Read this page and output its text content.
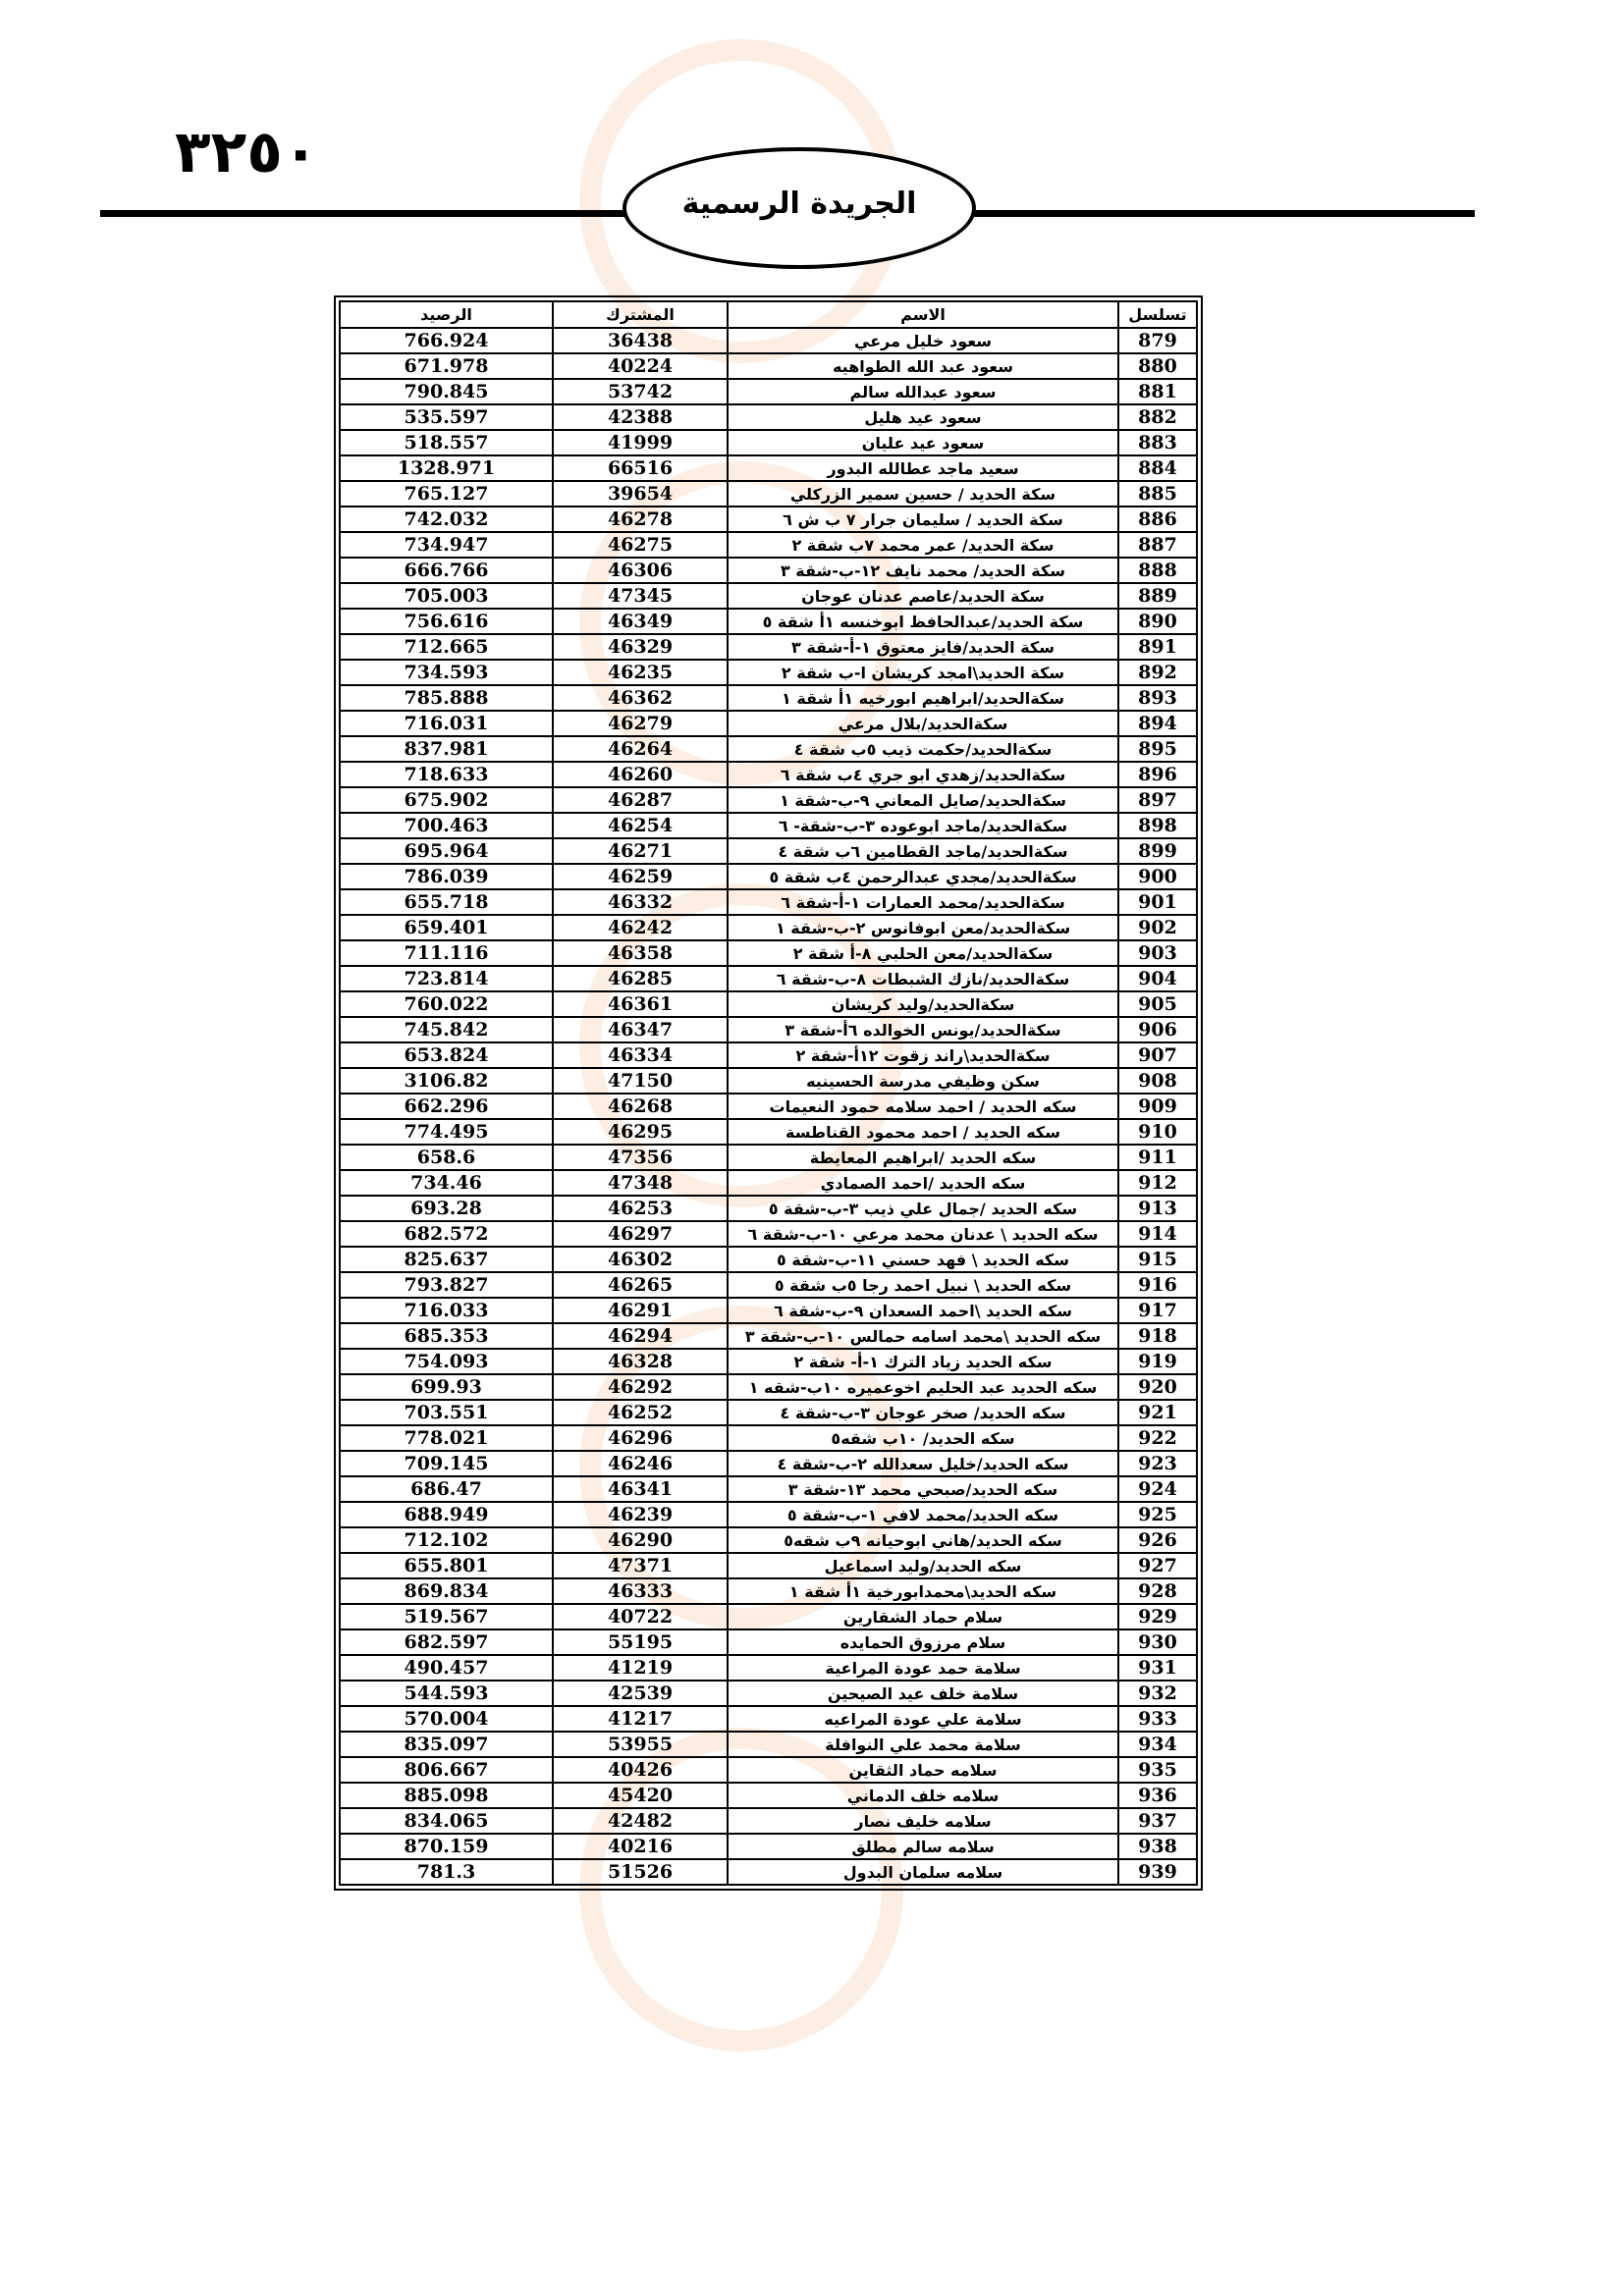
٣٢٥٠
الجريدة الرسمية
تسلسل	الاسم	المشترك	الرصيد
879	سعود خليل مرعي	36438	766.924
880	سعود عبد الله الطواهيه	40224	671.978
881	سعود عبدالله سالم	53742	790.845
882	سعود عيد هليل	42388	535.597
883	سعود عيد عليان	41999	518.557
884	سعيد ماجد عطالله البدور	66516	1328.971
885	سكة الحديد / حسين سمير الزركلي	39654	765.127
886	سكة الحديد / سليمان جرار ٧ ب ش ٦	46278	742.032
887	سكة الحديد/ عمر محمد ٧ب شقة ٢	46275	734.947
888	سكة الحديد/ محمد نايف ١٢-ب-شقة ٣	46306	666.766
889	سكة الحديد/عاصم عدنان عوجان	47345	705.003
890	سكة الحديد/عبدالحافظ ابوخنسه ١أ شقة ٥	46349	756.616
891	سكة الحديد/فايز معتوق ١-أ-شقة ٣	46329	712.665
892	سكة الحديد\امجد كريشان ا-ب شقة ٢	46235	734.593
893	سكةالحديد/ابراهيم ابورخيه ١أ شقة ١	46362	785.888
894	سكةالحديد/بلال مرعي	46279	716.031
895	سكةالحديد/حكمت ذيب ٥ب شقة ٤	46264	837.981
896	سكةالحديد/زهدي ابو جري ٤ب شقة ٦	46260	718.633
897	سكةالحديد/صايل المعاني ٩-ب-شقة ١	46287	675.902
898	سكةالحديد/ماجد ابوعوده ٣-ب-شقة- ٦	46254	700.463
899	سكةالحديد/ماجد القطامين ٦ب شقة ٤	46271	695.964
900	سكةالحديد/مجدي عبدالرحمن ٤ب شقة ٥	46259	786.039
901	سكةالحديد/محمد العمارات ١-أ-شقة ٦	46332	655.718
902	سكةالحديد/معن ابوفانوس ٢-ب-شقة ١	46242	659.401
903	سكةالحديد/معن الحلبي ٨-أ شقة ٢	46358	711.116
904	سكةالحديد/نازك الشبطات ٨-ب-شقة ٦	46285	723.814
905	سكةالحديد/وليد كريشان	46361	760.022
906	سكةالحديد/يونس الخوالده ٦أ-شقة ٣	46347	745.842
907	سكةالحديد\راند زقوت ١٢أ-شقة ٢	46334	653.824
908	سكن وظيفي مدرسة الحسينيه	47150	3106.82
909	سكه الحديد / احمد سلامه حمود النعيمات	46268	662.296
910	سكه الحديد / احمد محمود القناطسة	46295	774.495
911	سكه الحديد /ابراهيم المعايطة	47356	658.6
912	سكه الحديد /احمد الصمادي	47348	734.46
913	سكه الحديد /جمال علي ذيب ٣-ب-شقة ٥	46253	693.28
914	سكه الحديد \ عدنان محمد مرعي ١٠-ب-شقة ٦	46297	682.572
915	سكه الحديد \ فهد حسني ١١-ب-شقة ٥	46302	825.637
916	سكه الحديد \ نبيل احمد رجا ٥ب شقة ٥	46265	793.827
917	سكه الحديد \احمد السعدان ٩-ب-شقة ٦	46291	716.033
918	سكه الحديد \محمد اسامه حمالس ١٠-ب-شقة ٣	46294	685.353
919	سكه الحديد زياد الترك ١-أ- شقة ٢	46328	754.093
920	سكه الحديد عبد الحليم اخوعميره ١٠ب-شقه ١	46292	699.93
921	سكه الحديد/ صخر عوجان ٣-ب-شقة ٤	46252	703.551
922	سكه الحديد/ ١٠ب شقه٥	46296	778.021
923	سكه الحديد/خليل سعدالله ٢-ب-شقة ٤	46246	709.145
924	سكه الحديد/صبحي محمد ١٣-شقة ٣	46341	686.47
925	سكه الحديد/محمد لافي ١-ب-شقة ٥	46239	688.949
926	سكه الحديد/هاني ابوحيانه ٩ب شقه٥	46290	712.102
927	سكه الحديد/وليد اسماعيل	47371	655.801
928	سكه الحديد\محمدابورخية ١أ شقة ١	46333	869.834
929	سلام حماد الشقارين	40722	519.567
930	سلام مرزوق الحمايده	55195	682.597
931	سلامة حمد عودة المراعية	41219	490.457
932	سلامة خلف عيد الصيحين	42539	544.593
933	سلامة علي عودة المراعيه	41217	570.004
934	سلامة محمد علي النوافلة	53955	835.097
935	سلامه حماد الثقاين	40426	806.667
936	سلامه خلف الدماني	45420	885.098
937	سلامه خليف نصار	42482	834.065
938	سلامه سالم مطلق	40216	870.159
939	سلامه سلمان البدول	51526	781.3
